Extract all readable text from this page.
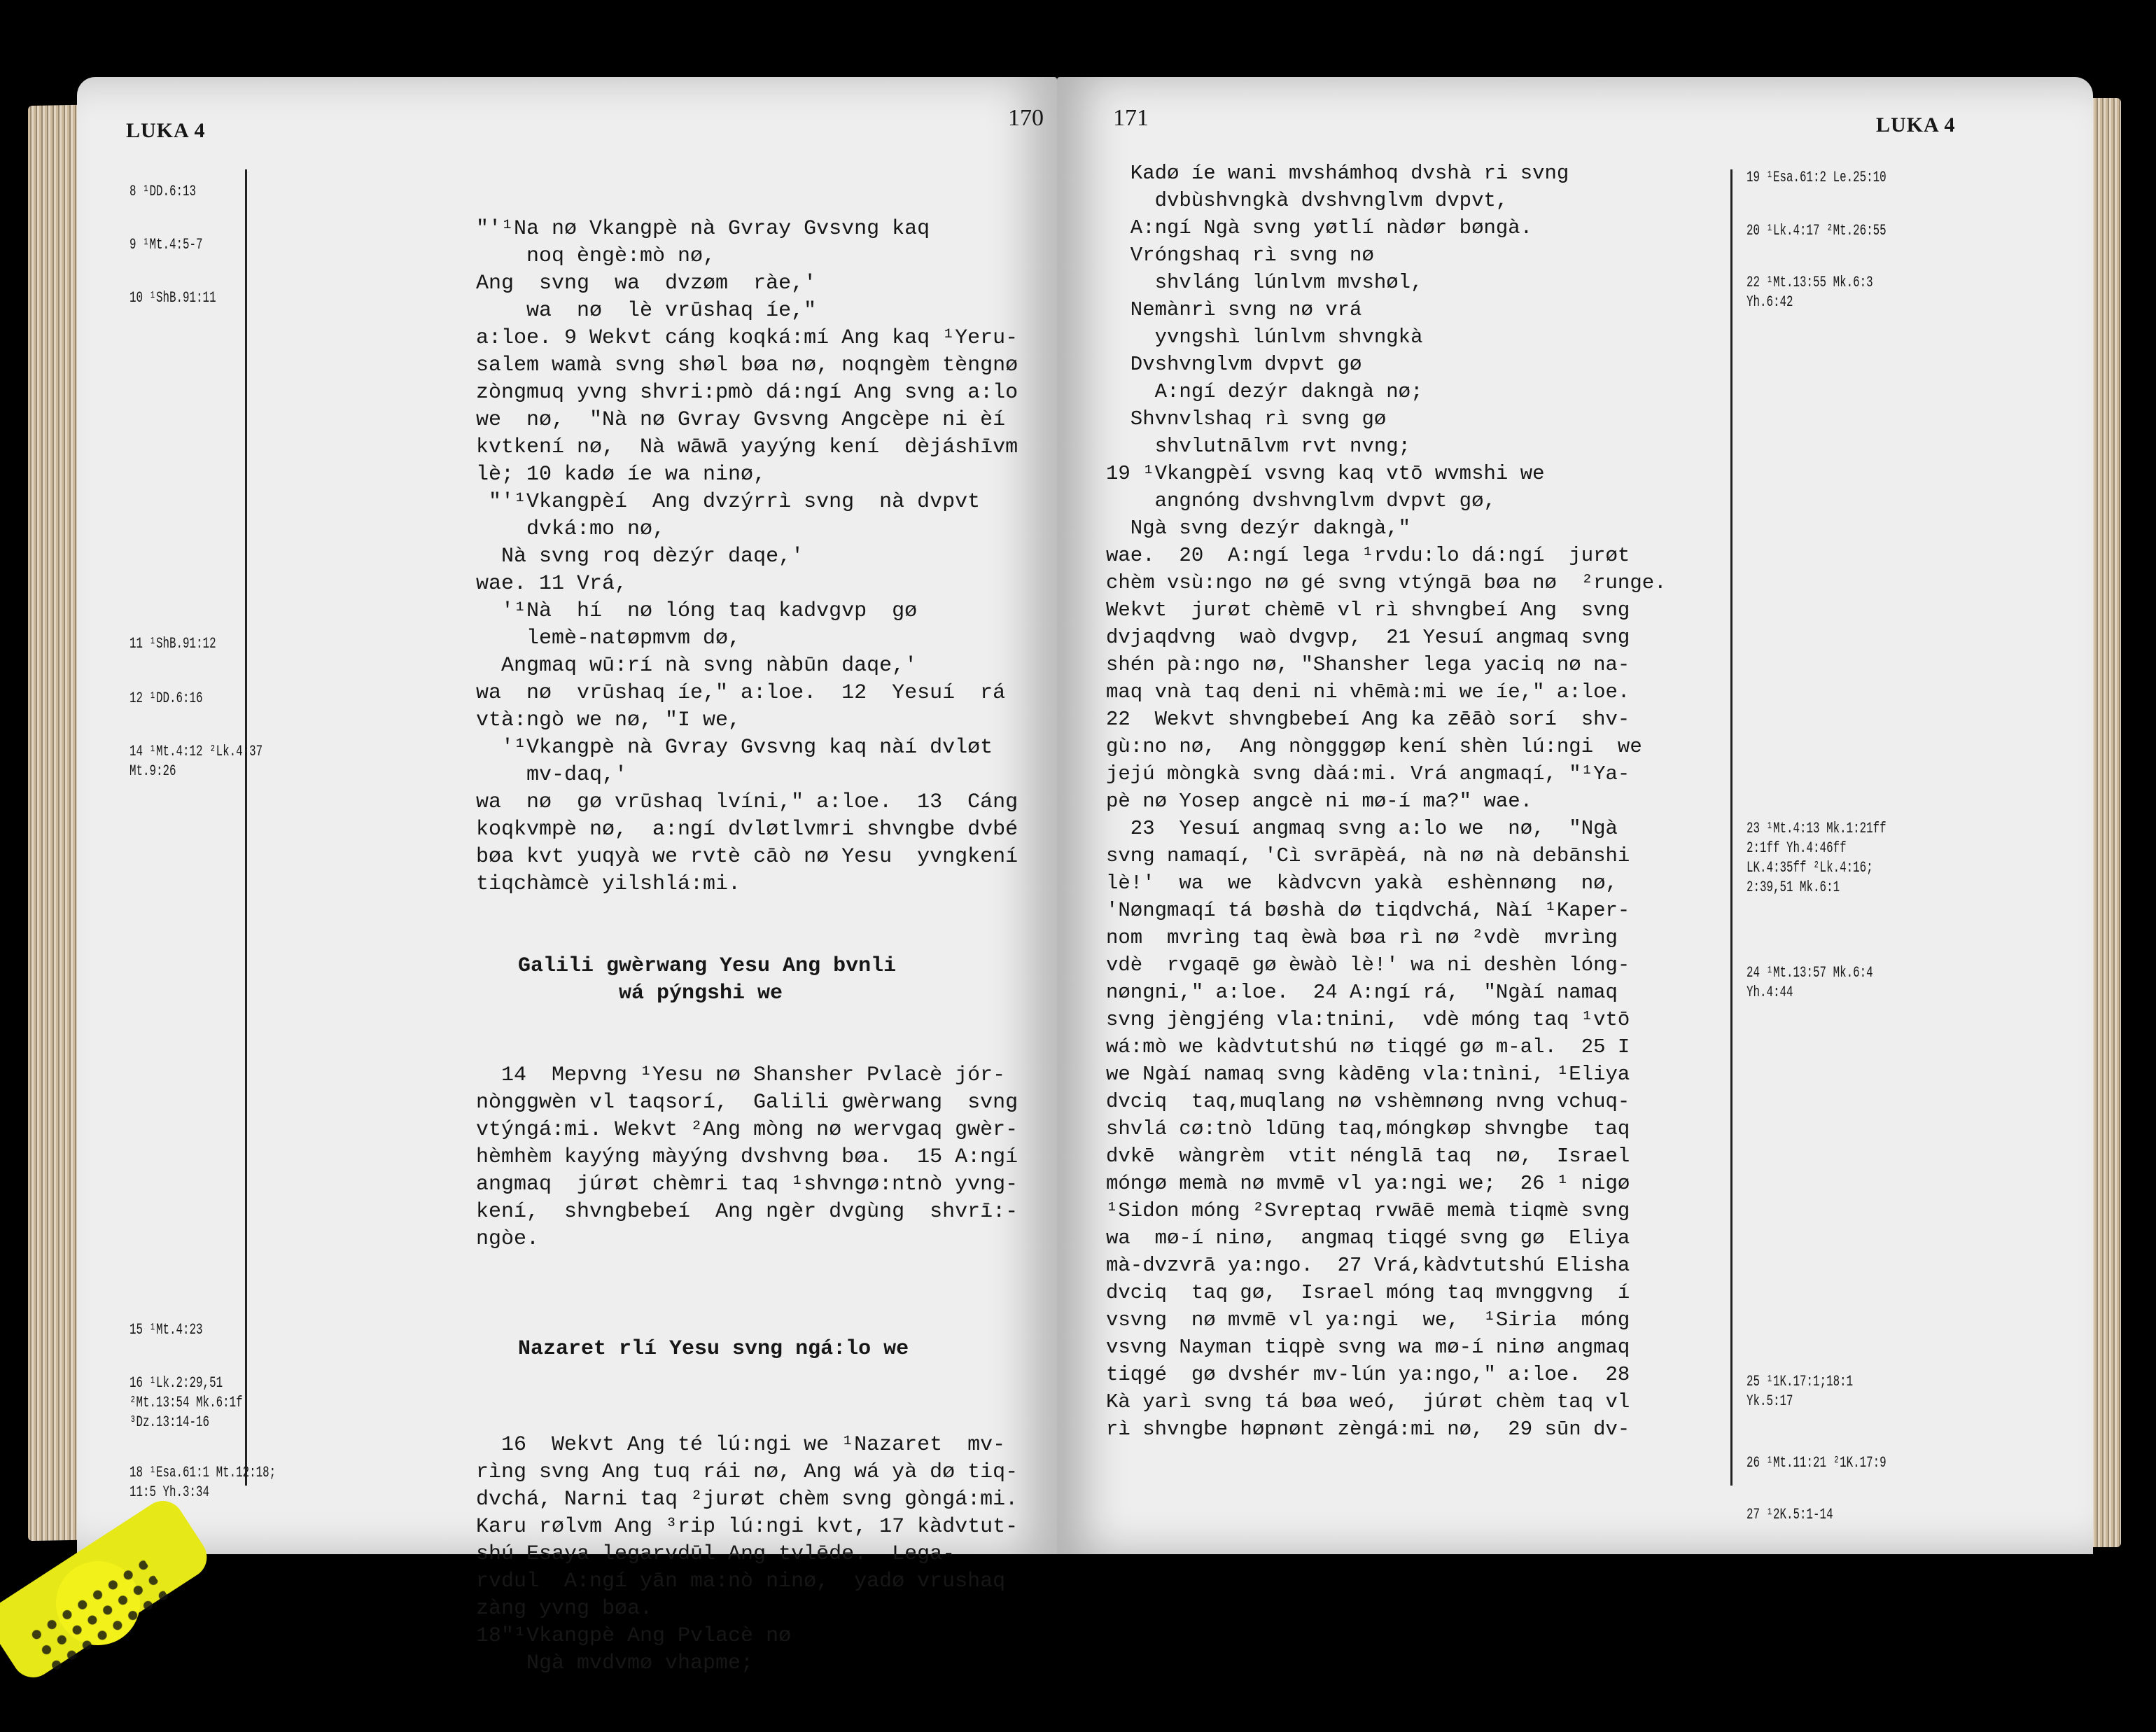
LUKA 4	170

8 ¹DD.6:13

9 ¹Mt.4:5-7

10 ¹ShB.91:11

11 ¹ShB.91:12

12 ¹DD.6:16

14 ¹Mt.4:12 ²Lk.4:37
Mt.9:26

15 ¹Mt.4:23

16 ¹Lk.2:29,51
²Mt.13:54 Mk.6:1f
³Dz.13:14-16

18 ¹Esa.61:1 Mt.12:18;
11:5 Yh.3:34

"'¹Na nø Vkangpè nà Gvray Gvsvng kaq
noq èngè:mò nø,
Ang  svng  wa  dvzøm  ràe,'
wa  nø  lè vrūshaq íe,"
a:loe. 9 Wekvt cáng koqká:mí Ang kaq ¹Yeru-
salem wamà svng shøl bøa nø, noqngèm tèngnø
zòngmuq yvng shvri:pmò dá:ngí Ang svng a:lo
we  nø,  "Nà nø Gvray Gvsvng Angcèpe ni èí
kvtkení nø,  Nà wāwā yayýng kení  dèjáshīvm
lè; 10 kadø íe wa ninø,
"'¹Vkangpèí  Ang dvzýrrì svng  nà dvpvt
dvká:mo nø,
Nà svng roq dèzýr daqe,'
wae. 11 Vrá,
'¹Nà  hí  nø lóng taq kadvgvp  gø
lemè-natøpmvm dø,
Angmaq wū:rí nà svng nàbūn daqe,'
wa  nø  vrūshaq íe," a:loe.  12  Yesuí  rá
vtà:ngò we nø, "I we,
'¹Vkangpè nà Gvray Gvsvng kaq nàí dvløt
mv-daq,'
wa  nø  gø vrūshaq lvíni," a:loe.  13  Cáng
koqkvmpè nø,  a:ngí dvløtlvmri shvngbe dvbé
bøa kvt yuqyà we rvtè cāò nø Yesu  yvngkení
tiqchàmcè yilshlá:mi.

Galili gwèrwang Yesu Ang bvnli
wá pýngshi we

14  Mepvng ¹Yesu nø Shansher Pvlacè jór-
nònggwèn vl taqsorí,  Galili gwèrwang  svng
vtýngá:mi. Wekvt ²Ang mòng nø wervgaq gwèr-
hèmhèm kayýng màyýng dvshvng bøa.  15 A:ngí
angmaq  júrøt chèmri taq ¹shvngø:ntnò yvng-
kení,  shvngbebeí  Ang ngèr dvgùng  shvrī:-
ngòe.

Nazaret rlí Yesu svng ngá:lo we

16  Wekvt Ang té lú:ngi we ¹Nazaret  mv-
rìng svng Ang tuq rái nø, Ang wá yà dø tiq-
dvchá, Narni taq ²jurøt chèm svng gòngá:mi.
Karu rølvm Ang ³rip lú:ngi kvt, 17 kàdvtut-
shú Esaya legarvdūl Ang tvlēde.  Lega-
rvdul  A:ngí yān ma:nò ninø,  yadø vrushaq
zàng yvng bøa.
18"¹Vkangpè Ang Pvlacè nø
Ngà mvdvmø vhapme;

171	LUKA 4
Kadø íe wani mvshámhoq dvshà ri svng
dvbùshvngkà dvshvnglvm dvpvt,
A:ngí Ngà svng yøtlí nàdør bøngà.
Vróngshaq rì svng nø
shvláng lúnlvm mvshøl,
Nemànrì svng nø vrá
yvngshì lúnlvm shvngkà
Dvshvnglvm dvpvt gø
A:ngí dezýr dakngà nø;
Shvnvlshaq rì svng gø
shvlutnālvm rvt nvng;
19 ¹Vkangpèí vsvng kaq vtō wvmshi we
angnóng dvshvnglvm dvpvt gø,
Ngà svng dezýr dakngà,"
wae.  20  A:ngí lega ¹rvdu:lo dá:ngí  jurøt
chèm vsù:ngo nø gé svng vtýngā bøa nø  ²runge.
Wekvt  jurøt chèmē vl rì shvngbeí Ang  svng
dvjaqdvng  waò dvgvp,  21 Yesuí angmaq svng
shén pà:ngo nø, "Shansher lega yaciq nø na-
maq vnà taq deni ni vhēmà:mi we íe," a:loe.
22  Wekvt shvngbebeí Ang ka zēāò sorí  shv-
gù:no nø,  Ang nòngggøp kení shèn lú:ngi  we
jejú mòngkà svng dàá:mi. Vrá angmaqí, "¹Ya-
pè nø Yosep angcè ni mø-í ma?" wae.
23  Yesuí angmaq svng a:lo we  nø,  "Ngà
svng namaqí, 'Cì svrāpèá, nà nø nà debānshi
lè!'  wa  we  kàdvcvn yakà  eshènnøng  nø,
'Nøngmaqí tá bøshà dø tiqdvchá, Nàí ¹Kaper-
nom  mvrìng taq èwà bøa rì nø ²vdè  mvrìng
vdè  rvgaqē gø èwàò lè!' wa ni deshèn lóng-
nøngni," a:loe.  24 A:ngí rá,  "Ngàí namaq
svng jèngjéng vla:tnini,  vdè móng taq ¹vtō
wá:mò we kàdvtutshú nø tiqgé gø m-al.  25 I
we Ngàí namaq svng kàdēng vla:tnìni, ¹Eliya
dvciq  taq,muqlang nø vshèmnøng nvng vchuq-
shvlá cø:tnò ldūng taq,móngkøp shvngbe  taq
dvkē  wàngrèm  vtit nénglā taq  nø,  Israel
móngø memà nø mvmē vl ya:ngi we;  26 ¹ nigø
¹Sidon móng ²Svreptaq rvwāē memà tiqmè svng
wa  mø-í ninø,  angmaq tiqgé svng gø  Eliya
mà-dvzvrā ya:ngo.  27 Vrá,kàdvtutshú Elisha
dvciq  taq gø,  Israel móng taq mvnggvng  í
vsvng  nø mvmē vl ya:ngi  we,  ¹Siria  móng
vsvng Nayman tiqpè svng wa mø-í ninø angmaq
tiqgé  gø dvshér mv-lún ya:ngo," a:loe.  28
Kà yarì svng tá bøa weó,  júrøt chèm taq vl
rì shvngbe høpnønt zèngá:mi nø,  29 sūn dv-

19 ¹Esa.61:2 Le.25:10

20 ¹Lk.4:17 ²Mt.26:55

22 ¹Mt.13:55 Mk.6:3
Yh.6:42

23 ¹Mt.4:13 Mk.1:21ff
2:1ff Yh.4:46ff
LK.4:35ff ²Lk.4:16;
2:39,51 Mk.6:1

24 ¹Mt.13:57 Mk.6:4
Yh.4:44

25 ¹1K.17:1;18:1
Yk.5:17

26 ¹Mt.11:21 ²1K.17:9

27 ¹2K.5:1-14
